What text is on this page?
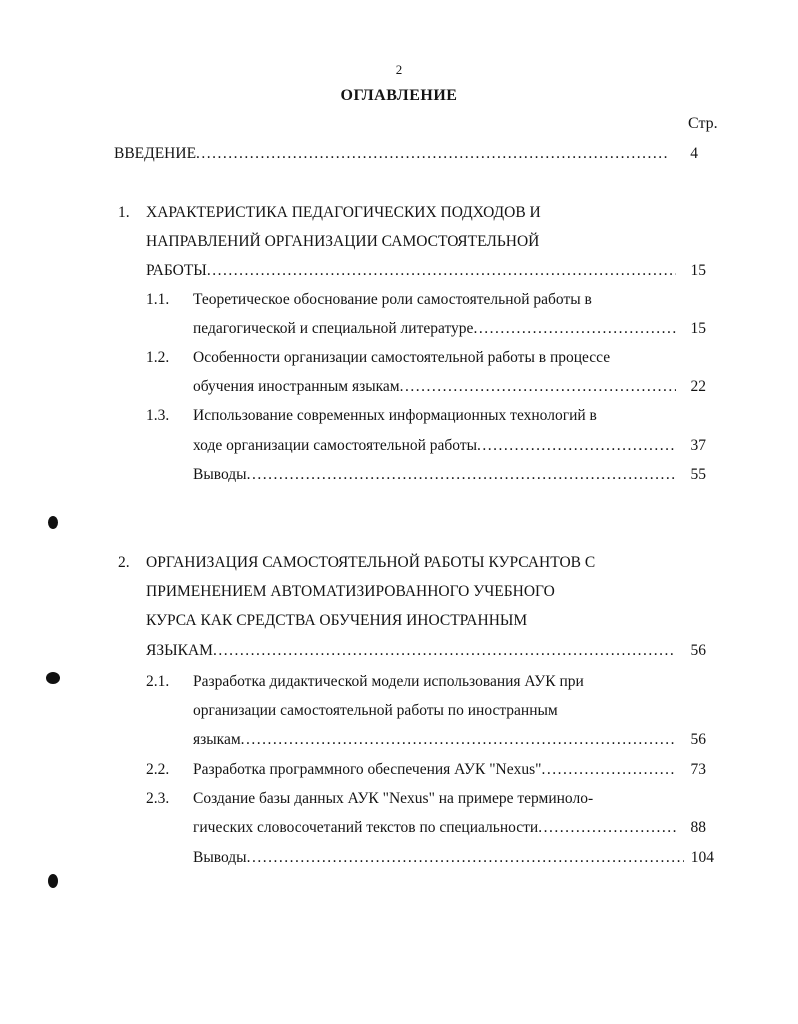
2
ОГЛАВЛЕНИЕ
Стр.
ВВЕДЕНИЕ .....	4
1. ХАРАКТЕРИСТИКА ПЕДАГОГИЧЕСКИХ ПОДХОДОВ И
НАПРАВЛЕНИЙ ОРГАНИЗАЦИИ САМОСТОЯТЕЛЬНОЙ
РАБОТЫ .....	15
1.1. Теоретическое обоснование роли самостоятельной работы в
педагогической и специальной литературе .....	15
1.2. Особенности организации самостоятельной работы в процессе
обучения иностранным языкам .....	22
1.3. Использование современных информационных технологий в
ходе организации самостоятельной работы .....	37
Выводы .....	55
2. ОРГАНИЗАЦИЯ САМОСТОЯТЕЛЬНОЙ РАБОТЫ КУРСАНТОВ С
ПРИМЕНЕНИЕМ АВТОМАТИЗИРОВАННОГО УЧЕБНОГО
КУРСА КАК СРЕДСТВА ОБУЧЕНИЯ ИНОСТРАННЫМ
ЯЗЫКАМ .....	56
2.1. Разработка дидактической модели использования АУК при
организации самостоятельной работы по иностранным
языкам .....	56
2.2. Разработка программного обеспечения АУК "Nexus" .....	73
2.3. Создание базы данных АУК "Nexus" на примере терминоло-
гических словосочетаний текстов по специальности .....	88
Выводы .....	104
